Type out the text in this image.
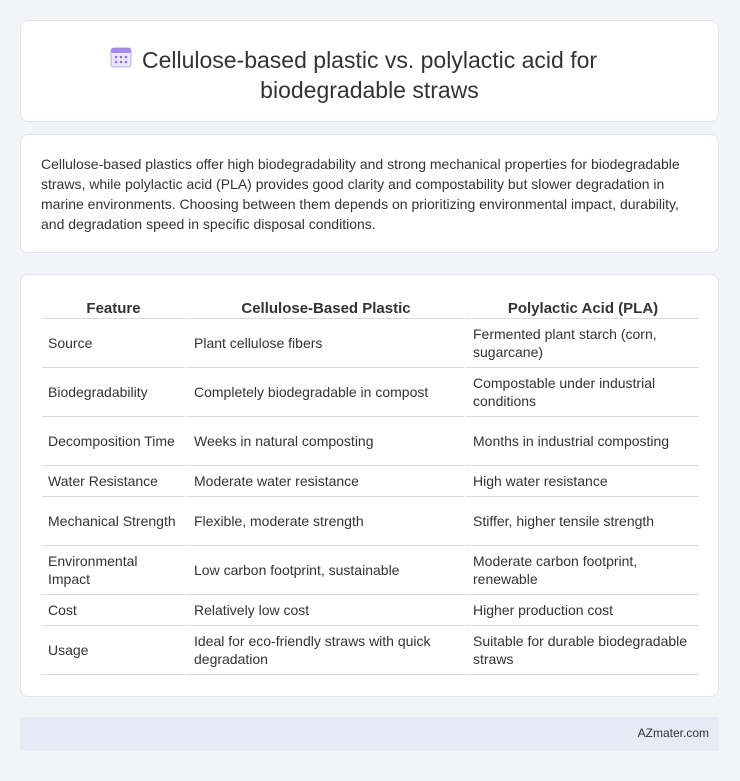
Cellulose-based plastic vs. polylactic acid for
biodegradable straws

Cellulose-based plastics offer high biodegradability and strong mechanical properties for biodegradable straws, while polylactic acid (PLA) provides good clarity and compostability but slower degradation in marine environments. Choosing between them depends on prioritizing environmental impact, durability, and degradation speed in specific disposal conditions.

Feature	Cellulose-Based Plastic	Polylactic Acid (PLA)
Source	Plant cellulose fibers	Fermented plant starch (corn, sugarcane)
Biodegradability	Completely biodegradable in compost	Compostable under industrial conditions
Decomposition Time	Weeks in natural composting	Months in industrial composting
Water Resistance	Moderate water resistance	High water resistance
Mechanical Strength	Flexible, moderate strength	Stiffer, higher tensile strength
Environmental Impact	Low carbon footprint, sustainable	Moderate carbon footprint, renewable
Cost	Relatively low cost	Higher production cost
Usage	Ideal for eco-friendly straws with quick degradation	Suitable for durable biodegradable straws
AZmater.com
